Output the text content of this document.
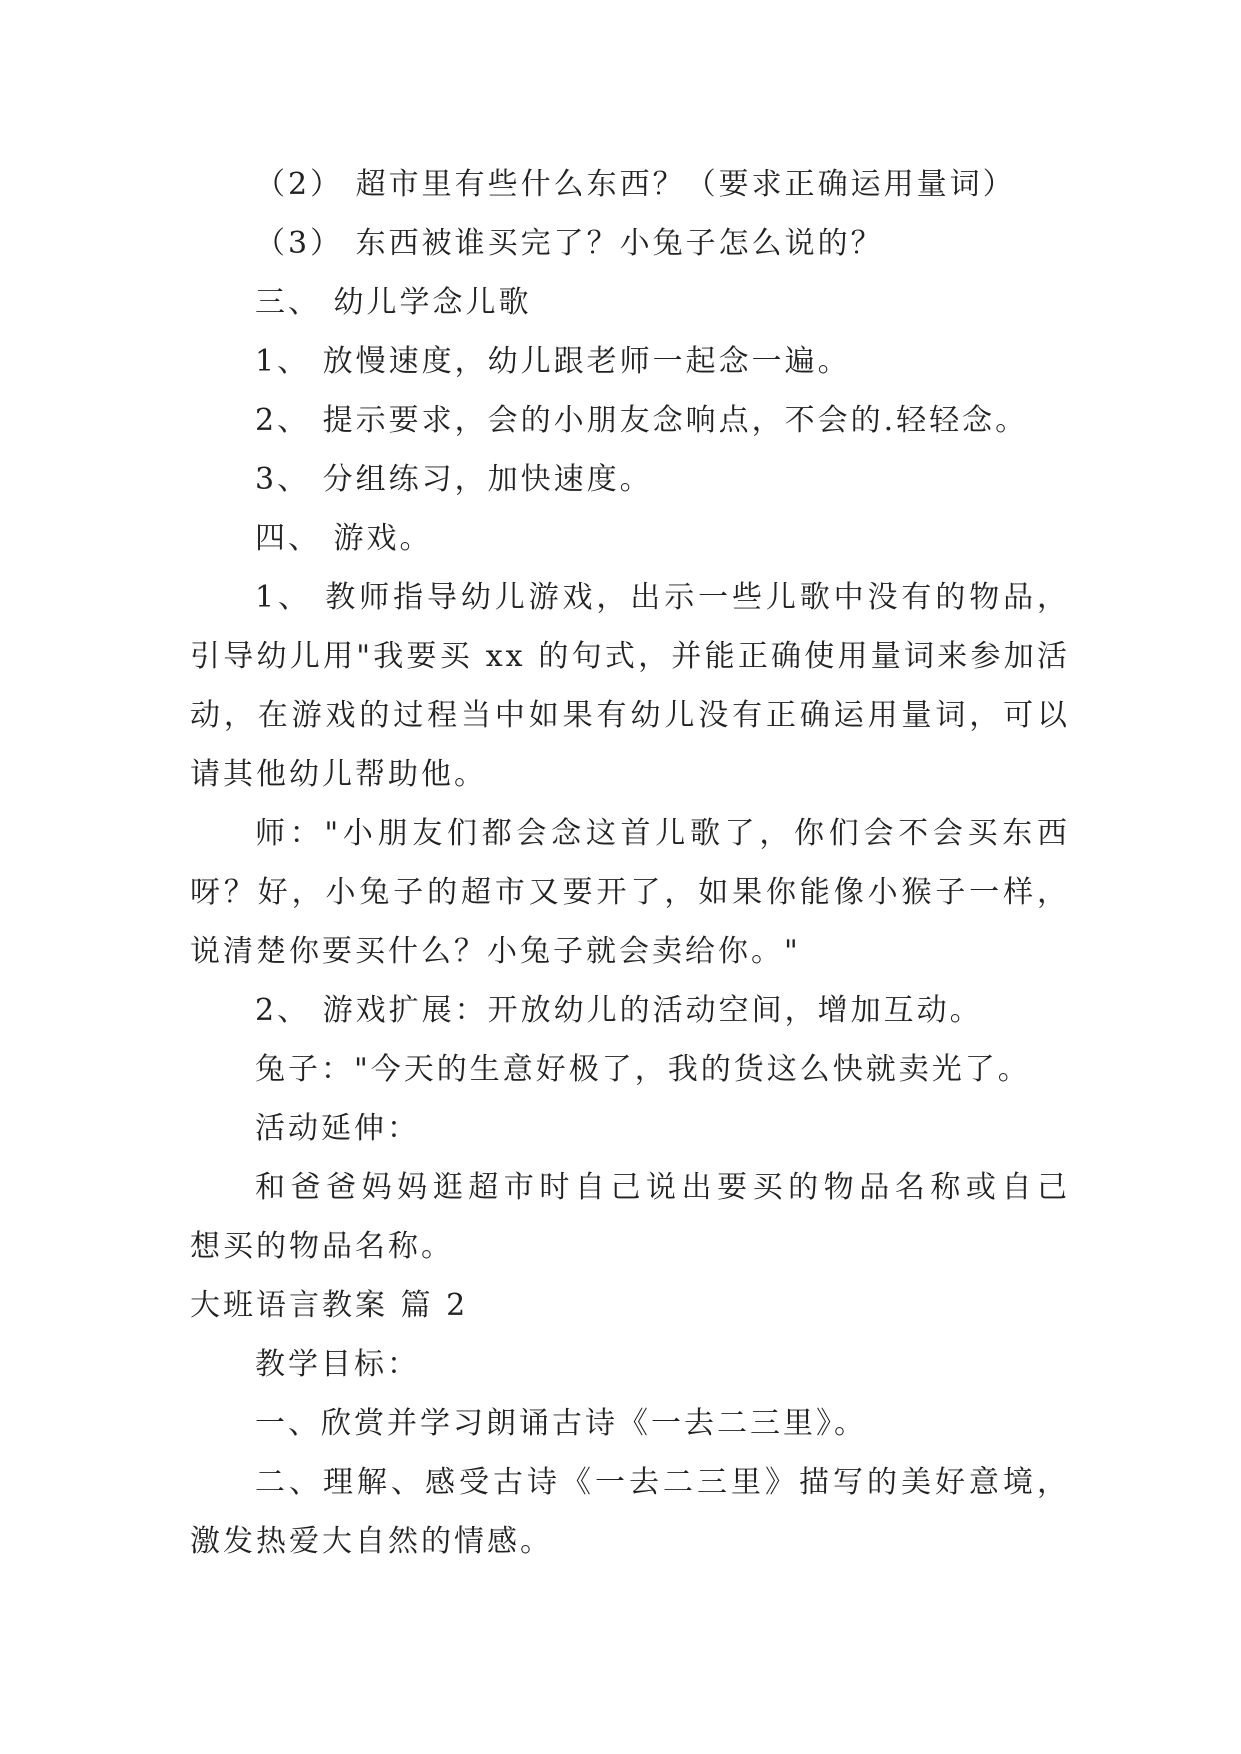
（2） 超市里有些什么东西？（要求正确运用量词）
（3） 东西被谁买完了？小兔子怎么说的？
三、 幼儿学念儿歌
1、 放慢速度，幼儿跟老师一起念一遍。
2、 提示要求，会的小朋友念响点，不会的.轻轻念。
3、 分组练习，加快速度。
四、 游戏。
1、 教师指导幼儿游戏，出示一些儿歌中没有的物品，
引导幼儿用"我要买 xx 的句式，并能正确使用量词来参加活
动，在游戏的过程当中如果有幼儿没有正确运用量词，可以
请其他幼儿帮助他。
师："小朋友们都会念这首儿歌了，你们会不会买东西
呀？好，小兔子的超市又要开了，如果你能像小猴子一样，
说清楚你要买什么？小兔子就会卖给你。"
2、 游戏扩展：开放幼儿的活动空间，增加互动。
兔子："今天的生意好极了，我的货这么快就卖光了。
活动延伸：
和爸爸妈妈逛超市时自己说出要买的物品名称或自己
想买的物品名称。
大班语言教案 篇 2
教学目标：
一、欣赏并学习朗诵古诗《一去二三里》。
二、理解、感受古诗《一去二三里》描写的美好意境，
激发热爱大自然的情感。
